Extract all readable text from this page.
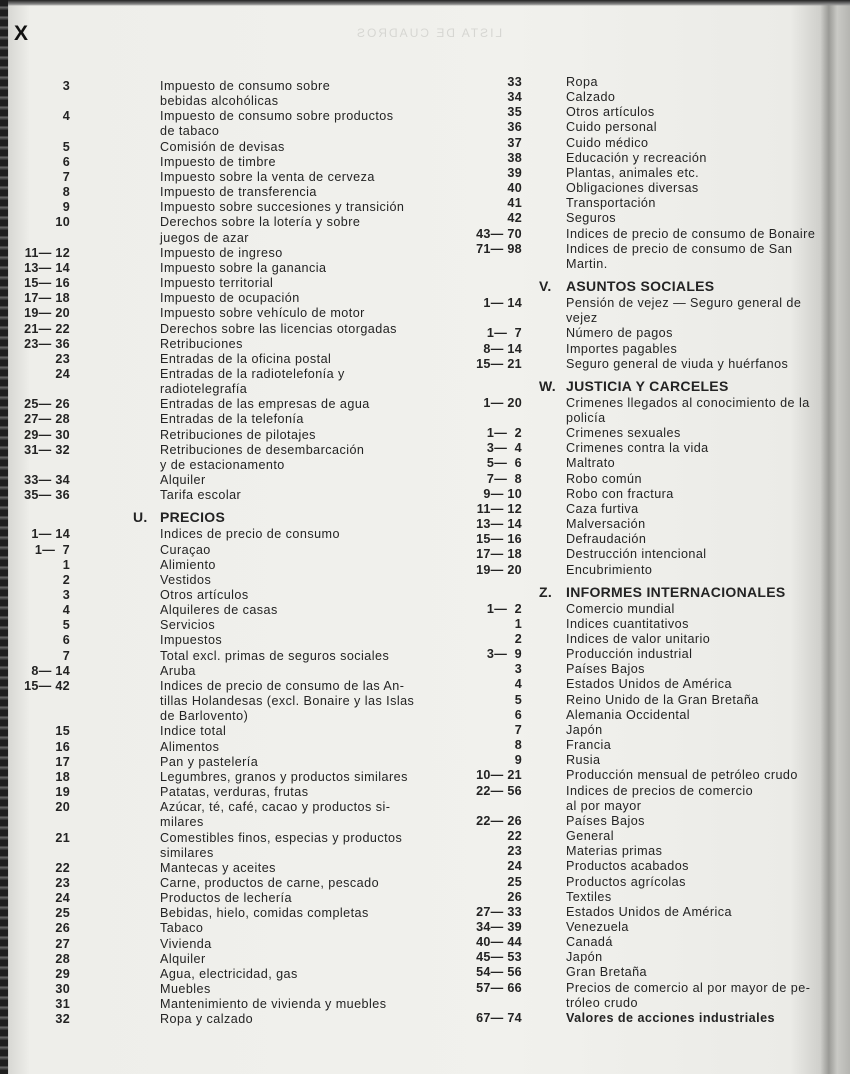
X	LISTA DE CUADROS
3	Impuesto de consumo sobre
bebidas alcohólicas
4	Impuesto de consumo sobre productos
de tabaco
5	Comisión de devisas
6	Impuesto de timbre
7	Impuesto sobre la venta de cerveza
8	Impuesto de transferencia
9	Impuesto sobre succesiones y transición
10	Derechos sobre la lotería y sobre
juegos de azar
11— 12	Impuesto de ingreso
13— 14	Impuesto sobre la ganancia
15— 16	Impuesto territorial
17— 18	Impuesto de ocupación
19— 20	Impuesto sobre vehículo de motor
21— 22	Derechos sobre las licencias otorgadas
23— 36	Retribuciones
23	Entradas de la oficina postal
24	Entradas de la radiotelefonía y
radiotelegrafía
25— 26	Entradas de las empresas de agua
27— 28	Entradas de la telefonía
29— 30	Retribuciones de pilotajes
31— 32	Retribuciones de desembarcación
y de estacionamento
33— 34	Alquiler
35— 36	Tarifa escolar
U. PRECIOS
1— 14	Indices de precio de consumo
1—  7	Curaçao
1	Alimiento
2	Vestidos
3	Otros artículos
4	Alquileres de casas
5	Servicios
6	Impuestos
7	Total excl. primas de seguros sociales
8— 14	Aruba
15— 42	Indices de precio de consumo de las An-
tillas Holandesas (excl. Bonaire y las Islas
de Barlovento)
15	Indice total
16	Alimentos
17	Pan y pastelería
18	Legumbres, granos y productos similares
19	Patatas, verduras, frutas
20	Azúcar, té, café, cacao y productos si-
milares
21	Comestibles finos, especias y productos
similares
22	Mantecas y aceites
23	Carne, productos de carne, pescado
24	Productos de lechería
25	Bebidas, hielo, comidas completas
26	Tabaco
27	Vivienda
28	Alquiler
29	Agua, electricidad, gas
30	Muebles
31	Mantenimiento de vivienda y muebles
32	Ropa y calzado
33	Ropa
34	Calzado
35	Otros artículos
36	Cuido personal
37	Cuido médico
38	Educación y recreación
39	Plantas, animales etc.
40	Obligaciones diversas
41	Transportación
42	Seguros
43— 70	Indices de precio de consumo de Bonaire
71— 98	Indices de precio de consumo de San
Martin.
V. ASUNTOS SOCIALES
1— 14	Pensión de vejez — Seguro general de
vejez
1—  7	Número de pagos
8— 14	Importes pagables
15— 21	Seguro general de viuda y huérfanos
W. JUSTICIA Y CARCELES
1— 20	Crimenes llegados al conocimiento de la
policía
1—  2	Crimenes sexuales
3—  4	Crimenes contra la vida
5—  6	Maltrato
7—  8	Robo común
9— 10	Robo con fractura
11— 12	Caza furtiva
13— 14	Malversación
15— 16	Defraudación
17— 18	Destrucción intencional
19— 20	Encubrimiento
Z. INFORMES INTERNACIONALES
1—  2	Comercio mundial
1	Indices cuantitativos
2	Indices de valor unitario
3—  9	Producción industrial
3	Países Bajos
4	Estados Unidos de América
5	Reino Unido de la Gran Bretaña
6	Alemania Occidental
7	Japón
8	Francia
9	Rusia
10— 21	Producción mensual de petróleo crudo
22— 56	Indices de precios de comercio
al por mayor
22— 26	Países Bajos
22	General
23	Materias primas
24	Productos acabados
25	Productos agrícolas
26	Textiles
27— 33	Estados Unidos de América
34— 39	Venezuela
40— 44	Canadá
45— 53	Japón
54— 56	Gran Bretaña
57— 66	Precios de comercio al por mayor de pe-
tróleo crudo
67— 74	Valores de acciones industriales
